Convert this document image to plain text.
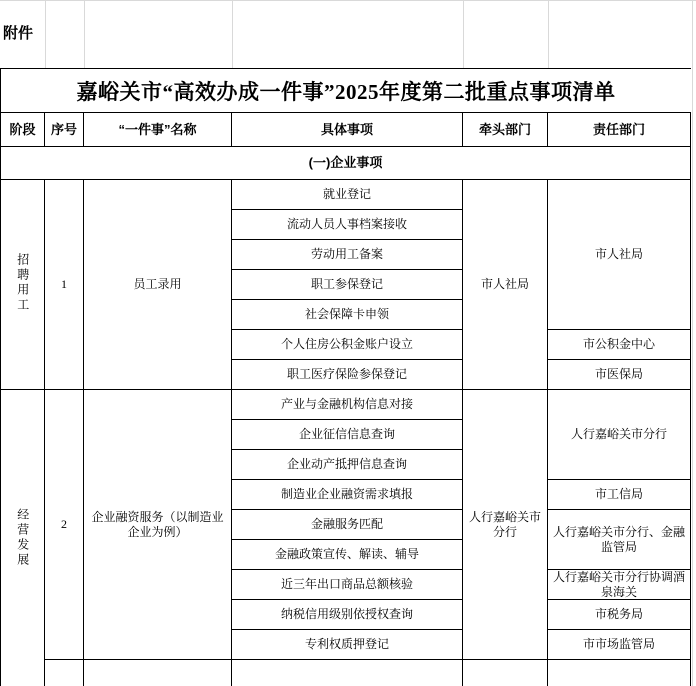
附件
嘉峪关市“高效办成一件事”2025年度第二批重点事项清单
阶段	序号	“一件事”名称	具体事项	牵头部门	责任部门
(一)企业事项					
招聘用工	1	员工录用	就业登记	市人社局	市人社局
			流动人员人事档案接收		
			劳动用工备案		
			职工参保登记		
			社会保障卡申领		
			个人住房公积金账户设立		市公积金中心
			职工医疗保险参保登记		市医保局
经营发展	2	企业融资服务（以制造业企业为例）	产业与金融机构信息对接	人行嘉峪关市分行	人行嘉峪关市分行
			企业征信信息查询		
			企业动产抵押信息查询		
			制造业企业融资需求填报		市工信局
			金融服务匹配		人行嘉峪关市分行、金融监管局
			金融政策宣传、解读、辅导		
			近三年出口商品总额核验		人行嘉峪关市分行协调酒泉海关
			纳税信用级别依授权查询		市税务局
			专利权质押登记		市市场监管局
